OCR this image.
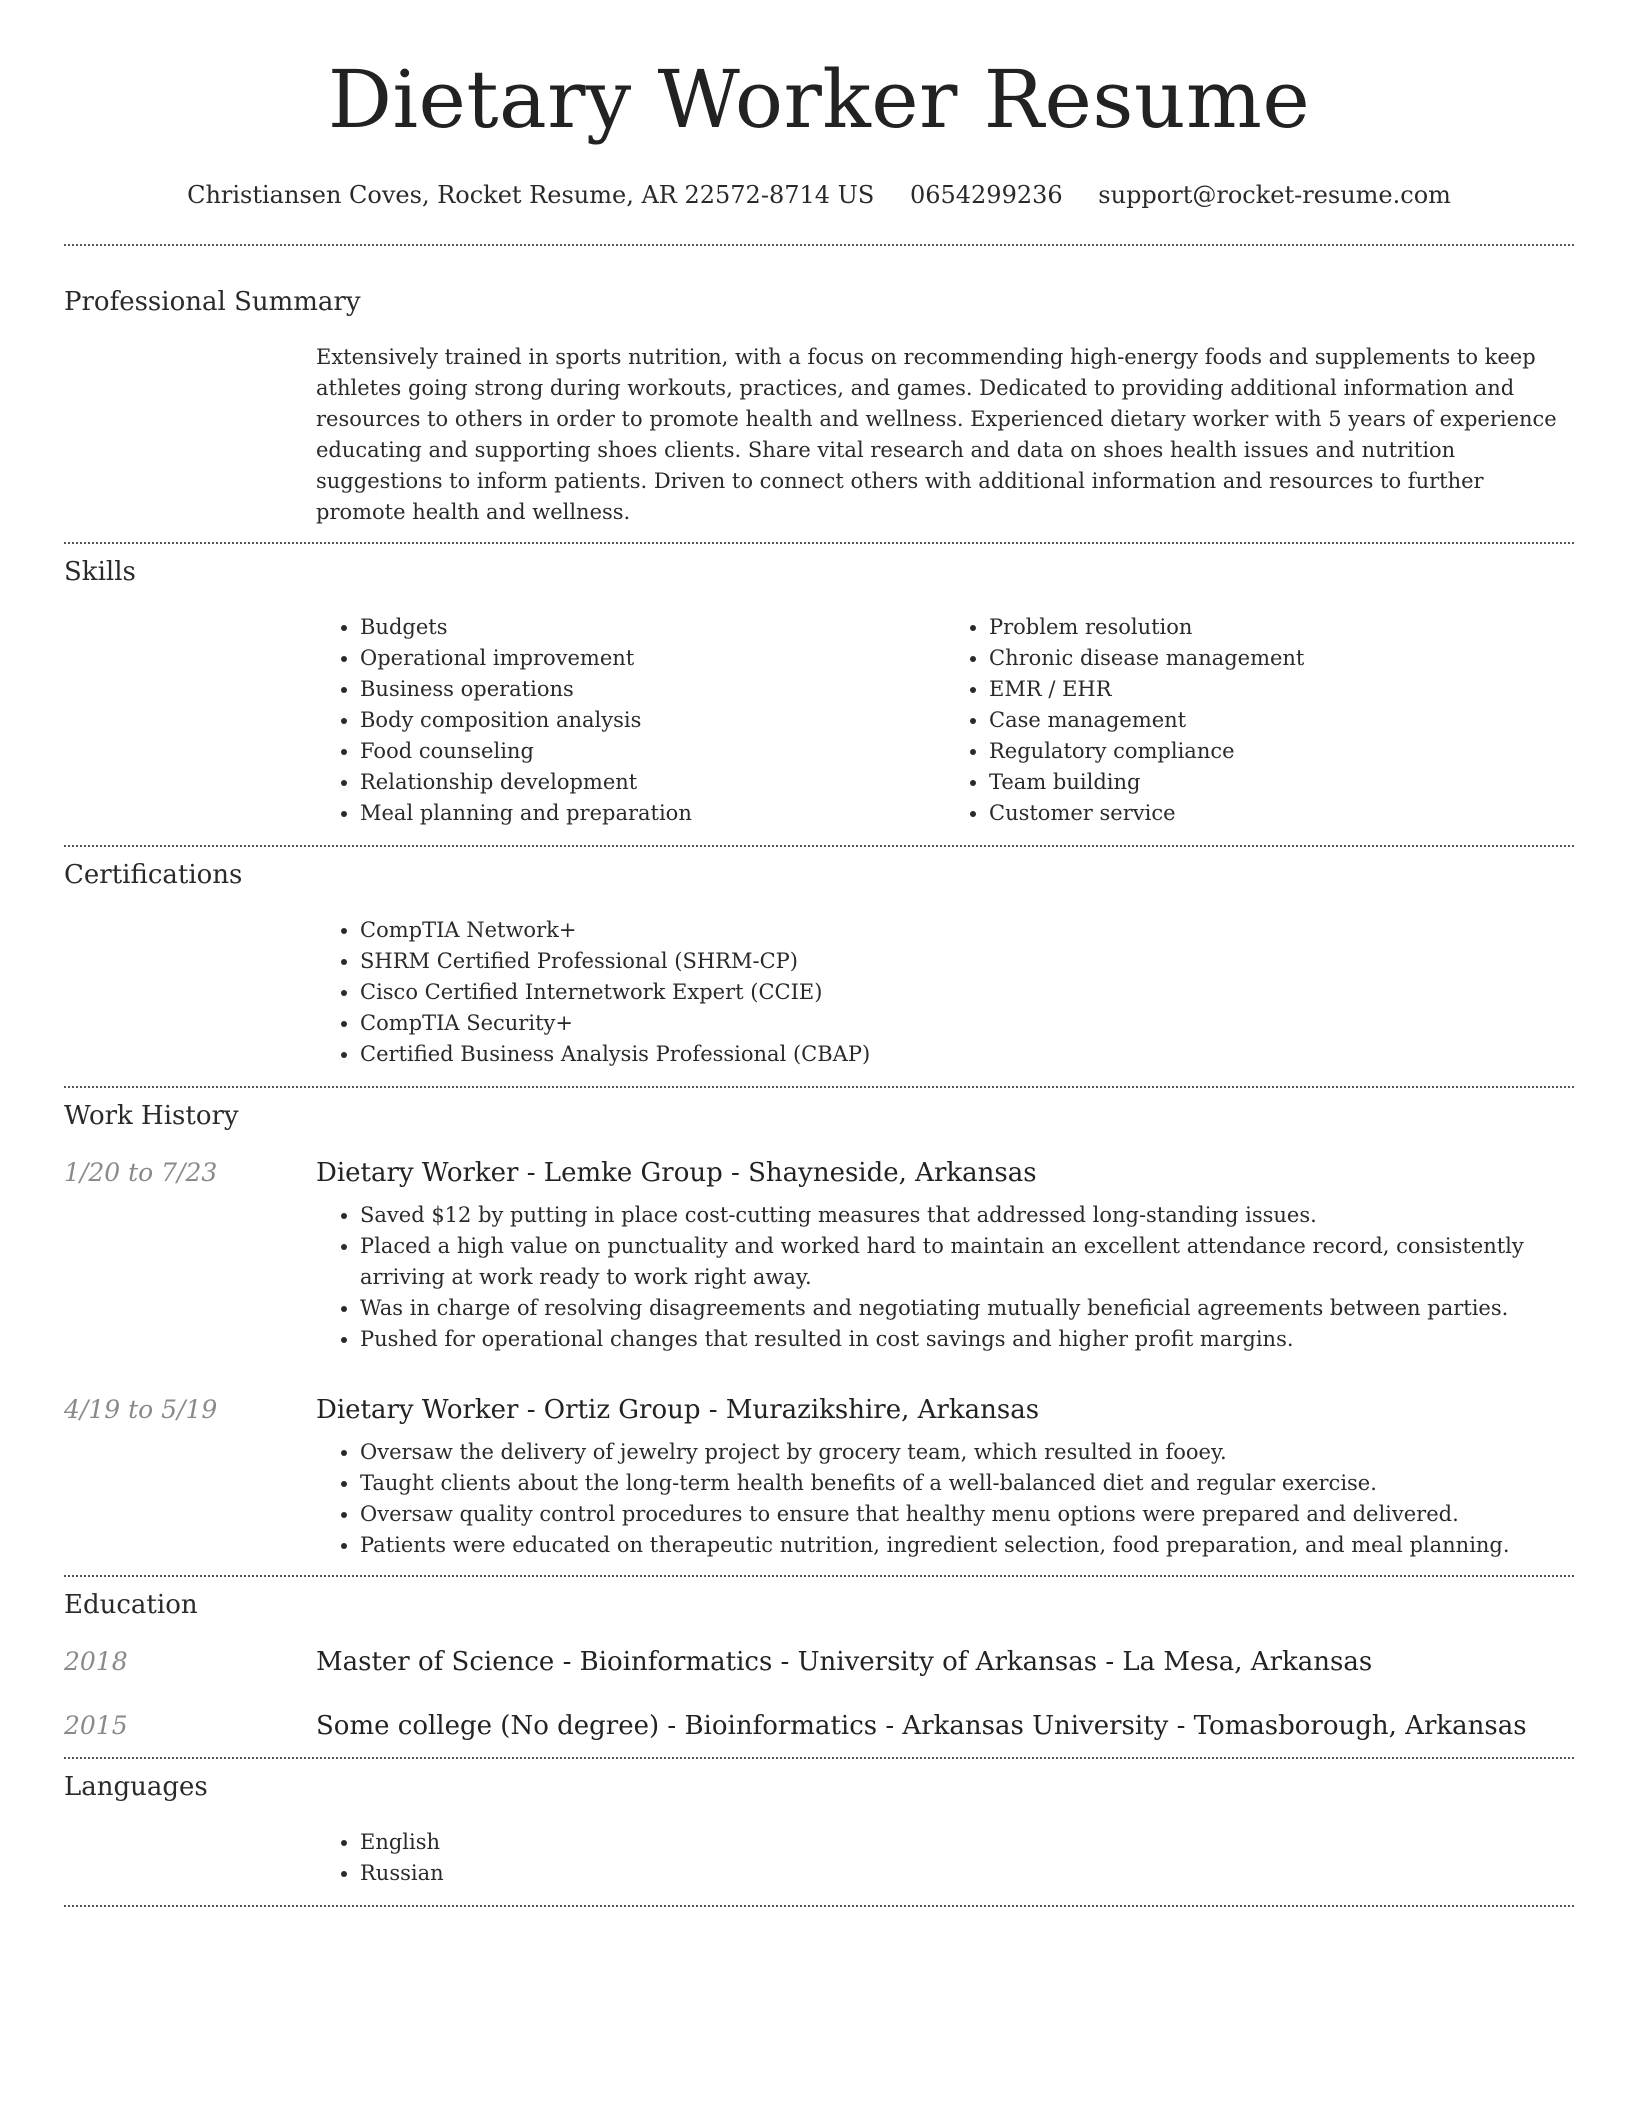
Dietary Worker Resume
Christiansen Coves, Rocket Resume, AR 22572-8714 US 0654299236 support@rocket-resume.com
Professional Summary
Extensively trained in sports nutrition, with a focus on recommending high-energy foods and supplements to keep athletes going strong during workouts, practices, and games. Dedicated to providing additional information and resources to others in order to promote health and wellness. Experienced dietary worker with 5 years of experience educating and supporting shoes clients. Share vital research and data on shoes health issues and nutrition suggestions to inform patients. Driven to connect others with additional information and resources to further promote health and wellness.
Skills
• Budgets
• Operational improvement
• Business operations
• Body composition analysis
• Food counseling
• Relationship development
• Meal planning and preparation
• Problem resolution
• Chronic disease management
• EMR / EHR
• Case management
• Regulatory compliance
• Team building
• Customer service
Certifications
• CompTIA Network+
• SHRM Certified Professional (SHRM-CP)
• Cisco Certified Internetwork Expert (CCIE)
• CompTIA Security+
• Certified Business Analysis Professional (CBAP)
Work History
1/20 to 7/23	Dietary Worker - Lemke Group - Shayneside, Arkansas
• Saved $12 by putting in place cost-cutting measures that addressed long-standing issues.
• Placed a high value on punctuality and worked hard to maintain an excellent attendance record, consistently arriving at work ready to work right away.
• Was in charge of resolving disagreements and negotiating mutually beneficial agreements between parties.
• Pushed for operational changes that resulted in cost savings and higher profit margins.
4/19 to 5/19	Dietary Worker - Ortiz Group - Murazikshire, Arkansas
• Oversaw the delivery of jewelry project by grocery team, which resulted in fooey.
• Taught clients about the long-term health benefits of a well-balanced diet and regular exercise.
• Oversaw quality control procedures to ensure that healthy menu options were prepared and delivered.
• Patients were educated on therapeutic nutrition, ingredient selection, food preparation, and meal planning.
Education
2018	Master of Science - Bioinformatics - University of Arkansas - La Mesa, Arkansas
2015	Some college (No degree) - Bioinformatics - Arkansas University - Tomasborough, Arkansas
Languages
• English
• Russian
